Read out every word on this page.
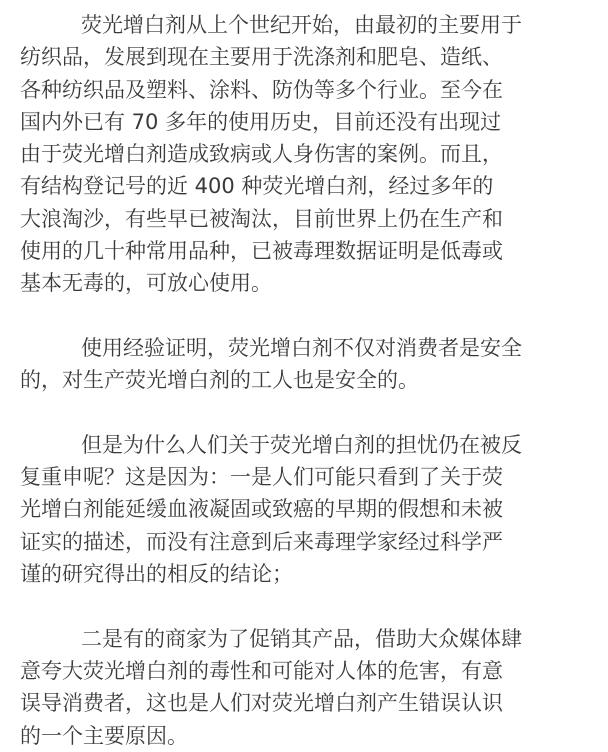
荧光增白剂从上个世纪开始，由最初的主要用于
纺织品，发展到现在主要用于洗涤剂和肥皂、造纸、
各种纺织品及塑料、涂料、防伪等多个行业。至今在
国内外已有 70 多年的使用历史，目前还没有出现过
由于荧光增白剂造成致病或人身伤害的案例。而且，
有结构登记号的近 400 种荧光增白剂，经过多年的
大浪淘沙，有些早已被淘汰，目前世界上仍在生产和
使用的几十种常用品种，已被毒理数据证明是低毒或
基本无毒的，可放心使用。
使用经验证明，荧光增白剂不仅对消费者是安全
的，对生产荧光增白剂的工人也是安全的。
但是为什么人们关于荧光增白剂的担忧仍在被反
复重申呢？这是因为：一是人们可能只看到了关于荧
光增白剂能延缓血液凝固或致癌的早期的假想和未被
证实的描述，而没有注意到后来毒理学家经过科学严
谨的研究得出的相反的结论；
二是有的商家为了促销其产品，借助大众媒体肆
意夸大荧光增白剂的毒性和可能对人体的危害，有意
误导消费者，这也是人们对荧光增白剂产生错误认识
的一个主要原因。
